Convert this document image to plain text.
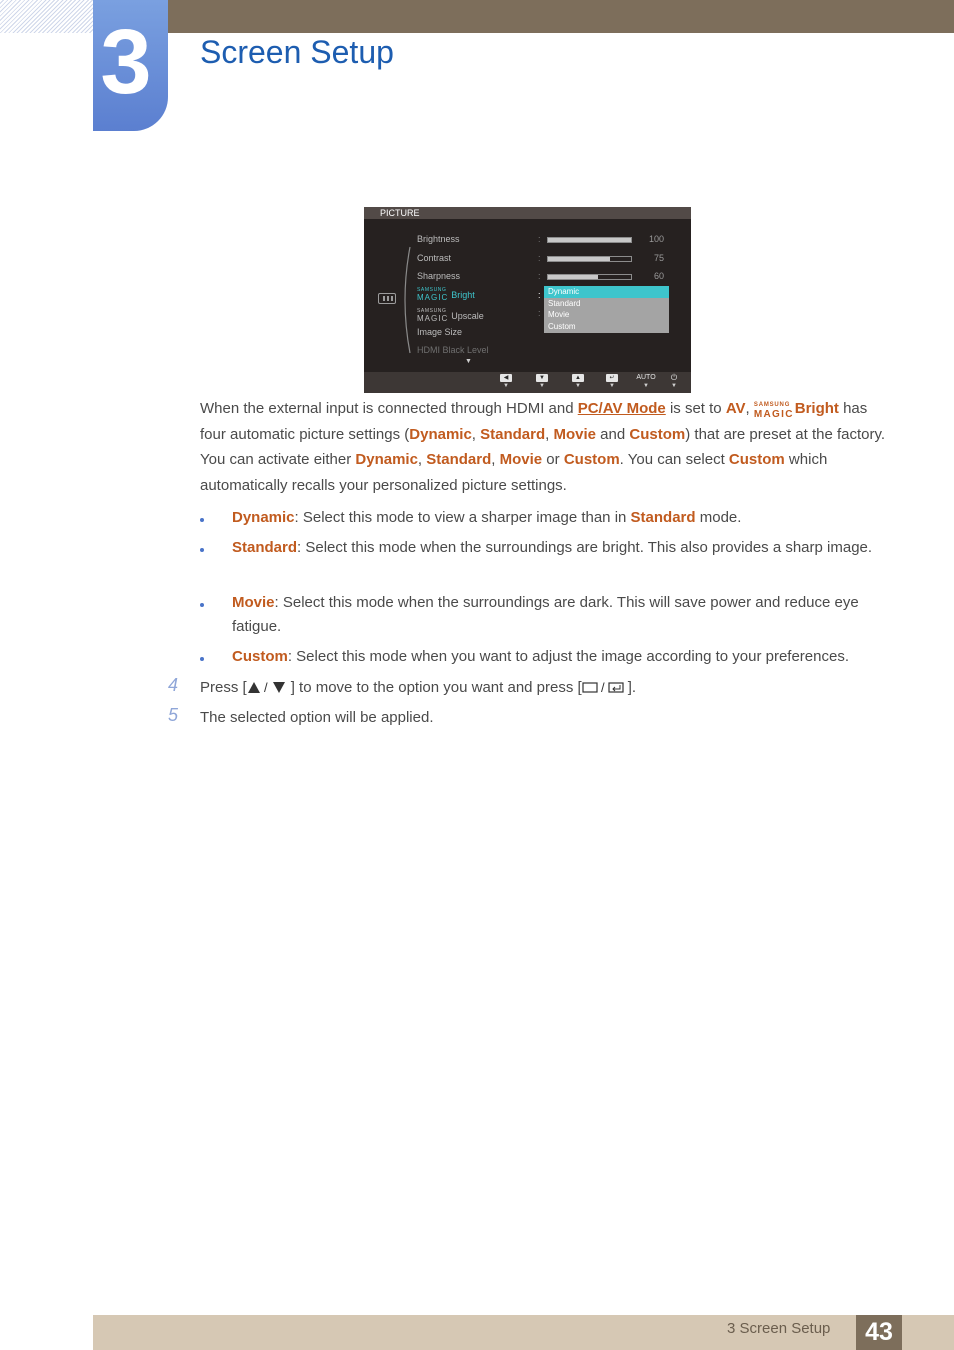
3 Screen Setup
PICTURE
Brightness	:	100
Contrast	:	75
Sharpness	:	60
SAMSUNG
MAGIC Bright	:
SAMSUNG
MAGIC Upscale	:
Image Size
HDMI Black Level
▼
Dynamic
Standard
Movie
Custom
◀
▼
▼
▼
▲
▼
↵
▼
AUTO
▼
⏻
▼
When the external input is connected through HDMI and PC/AV Mode is set to AV, SAMSUNG
MAGIC Bright has four automatic picture settings (Dynamic, Standard, Movie and Custom) that are preset at the factory. You can activate either Dynamic, Standard, Movie or Custom. You can select Custom which automatically recalls your personalized picture settings.
Dynamic: Select this mode to view a sharper image than in Standard mode.
Standard: Select this mode when the surroundings are bright. This also provides a sharp image.
Movie: Select this mode when the surroundings are dark. This will save power and reduce eye fatigue.
Custom: Select this mode when you want to adjust the image according to your preferences.
4 Press [ / ] to move to the option you want and press [ / ].
5 The selected option will be applied.
3 Screen Setup	43
